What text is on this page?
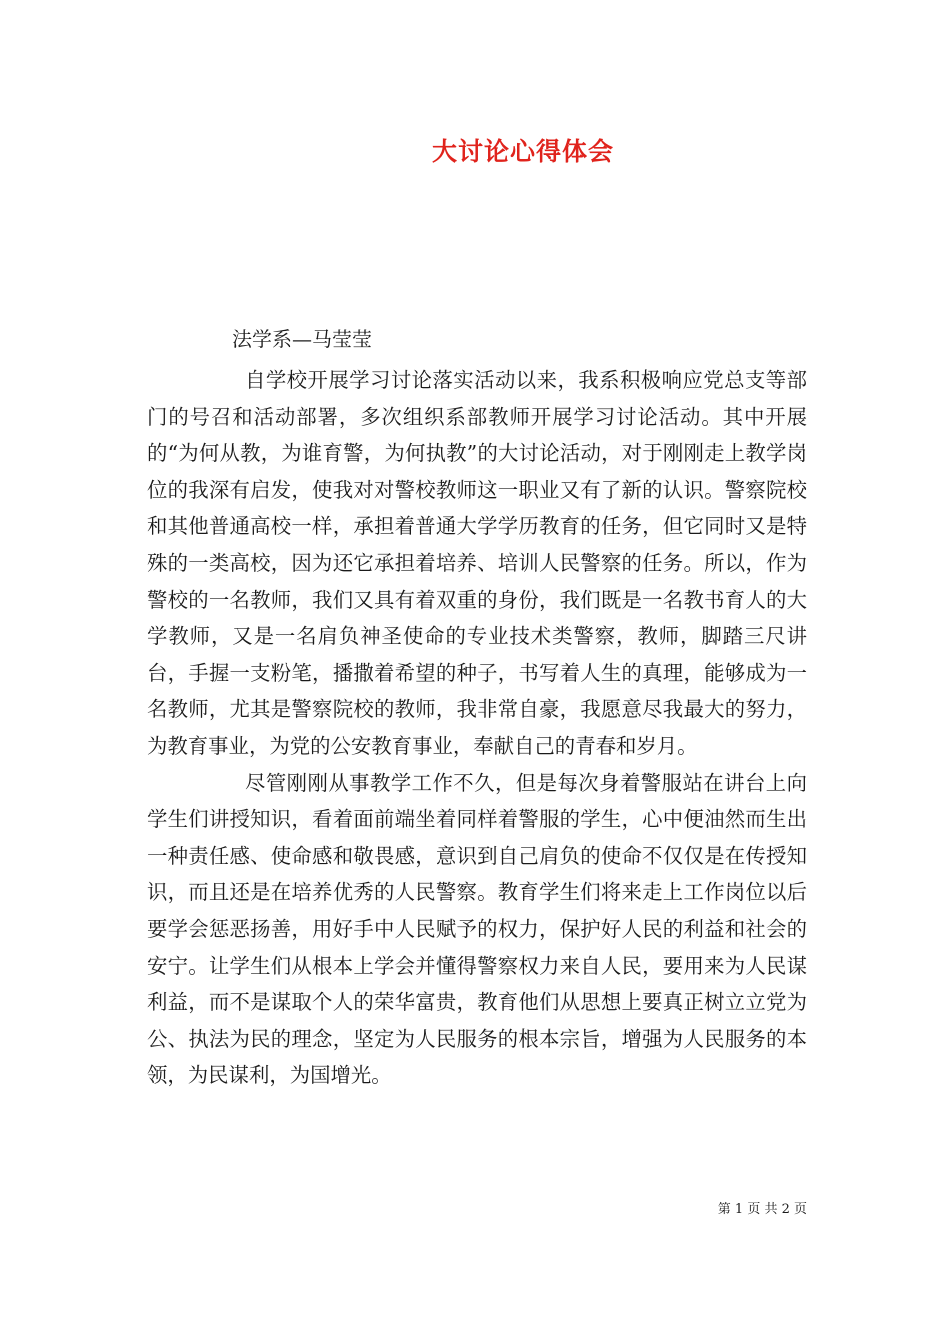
大讨论心得体会
法学系—马莹莹

自学校开展学习讨论落实活动以来，我系积极响应党总支等部门的号召和活动部署，多次组织系部教师开展学习讨论活动。其中开展的“为何从教，为谁育警，为何执教”的大讨论活动，对于刚刚走上教学岗位的我深有启发，使我对对警校教师这一职业又有了新的认识。警察院校和其他普通高校一样，承担着普通大学学历教育的任务，但它同时又是特殊的一类高校，因为还它承担着培养、培训人民警察的任务。所以，作为警校的一名教师，我们又具有着双重的身份，我们既是一名教书育人的大学教师，又是一名肩负神圣使命的专业技术类警察，教师，脚踏三尺讲台，手握一支粉笔，播撒着希望的种子，书写着人生的真理，能够成为一名教师，尤其是警察院校的教师，我非常自豪，我愿意尽我最大的努力，为教育事业，为党的公安教育事业，奉献自己的青春和岁月。

尽管刚刚从事教学工作不久，但是每次身着警服站在讲台上向学生们讲授知识，看着面前端坐着同样着警服的学生，心中便油然而生出一种责任感、使命感和敬畏感，意识到自己肩负的使命不仅仅是在传授知识，而且还是在培养优秀的人民警察。教育学生们将来走上工作岗位以后要学会惩恶扬善，用好手中人民赋予的权力，保护好人民的利益和社会的安宁。让学生们从根本上学会并懂得警察权力来自人民，要用来为人民谋利益，而不是谋取个人的荣华富贵，教育他们从思想上要真正树立立党为公、执法为民的理念，坚定为人民服务的根本宗旨，增强为人民服务的本领，为民谋利，为国增光。

第 1 页 共 2 页
